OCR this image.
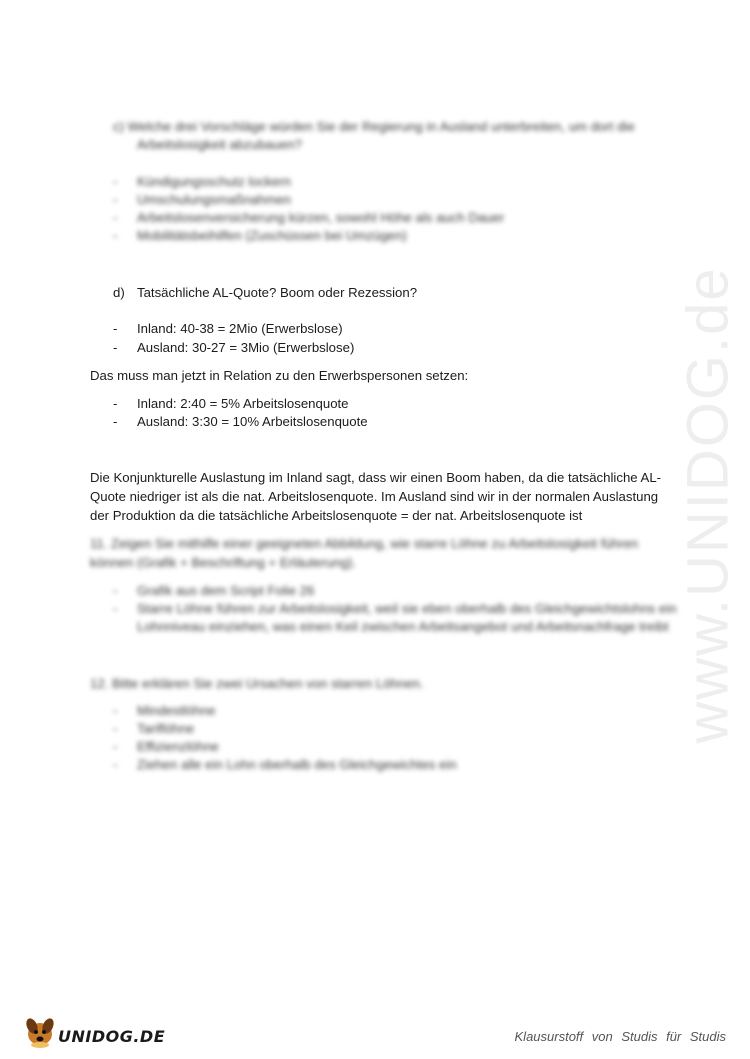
www.UNIDOG.de
c) Welche drei Vorschläge würden Sie der Regierung in Ausland unterbreiten, um dort die
Arbeitslosigkeit abzubauen?
- Kündigungsschutz lockern
- Umschulungsmaßnahmen
- Arbeitslosenversicherung kürzen, sowohl Höhe als auch Dauer
- Mobilitätsbeihilfen (Zuschüssen bei Umzügen)
d) Tatsächliche AL-Quote? Boom oder Rezession?
- Inland: 40-38 = 2Mio (Erwerbslose)
- Ausland: 30-27 = 3Mio (Erwerbslose)
Das muss man jetzt in Relation zu den Erwerbspersonen setzen:
- Inland: 2:40 = 5% Arbeitslosenquote
- Ausland: 3:30 = 10% Arbeitslosenquote
Die Konjunkturelle Auslastung im Inland sagt, dass wir einen Boom haben, da die tatsächliche AL-
Quote niedriger ist als die nat. Arbeitslosenquote. Im Ausland sind wir in der normalen Auslastung
der Produktion da die tatsächliche Arbeitslosenquote = der nat. Arbeitslosenquote ist
11. Zeigen Sie mithilfe einer geeigneten Abbildung, wie starre Löhne zu Arbeitslosigkeit führen
können (Grafik + Beschriftung + Erläuterung).
- Grafik aus dem Script Folie 26
- Starre Löhne führen zur Arbeitslosigkeit, weil sie eben oberhalb des Gleichgewichtslohns ein
Lohnniveau einziehen, was einen Keil zwischen Arbeitsangebot und Arbeitsnachfrage treibt
12. Bitte erklären Sie zwei Ursachen von starren Löhnen.
- Mindestlöhne
- Tariflöhne
- Effizienzlöhne
- Ziehen alle ein Lohn oberhalb des Gleichgewichtes ein
UNIDOG.DE	Klausurstoff von Studis für Studis
